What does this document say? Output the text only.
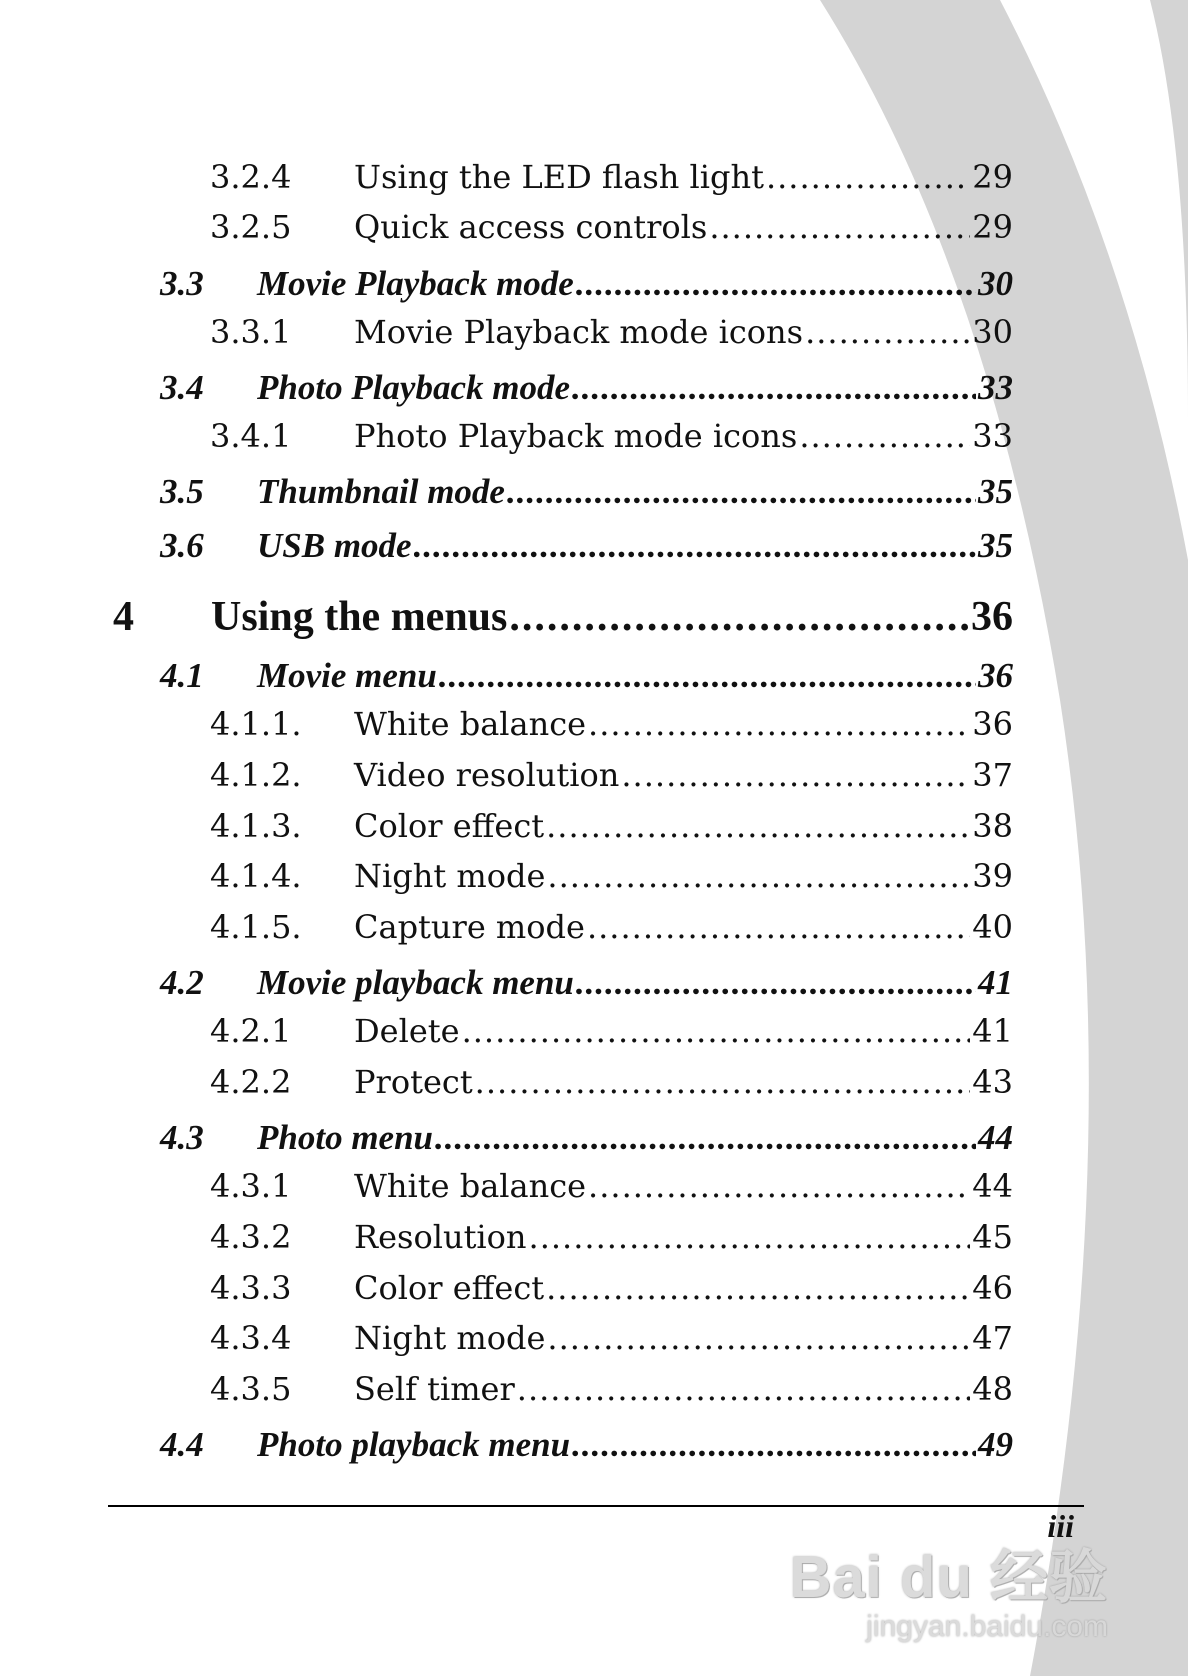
3.2.4	Using the LED flash light .....	29
3.2.5	Quick access controls .....	29
3.3	Movie Playback mode .....	30
3.3.1	Movie Playback mode icons .....	30
3.4	Photo Playback mode .....	33
3.4.1	Photo Playback mode icons .....	33
3.5	Thumbnail mode .....	35
3.6	USB mode .....	35
4	Using the menus .....	36
4.1	Movie menu .....	36
4.1.1.	White balance .....	36
4.1.2.	Video resolution .....	37
4.1.3.	Color effect .....	38
4.1.4.	Night mode .....	39
4.1.5.	Capture mode .....	40
4.2	Movie playback menu .....	41
4.2.1	Delete .....	41
4.2.2	Protect .....	43
4.3	Photo menu .....	44
4.3.1	White balance .....	44
4.3.2	Resolution .....	45
4.3.3	Color effect .....	46
4.3.4	Night mode .....	47
4.3.5	Self timer .....	48
4.4	Photo playback menu .....	49
iii
Bai du 经验
jingyan.baidu.com
